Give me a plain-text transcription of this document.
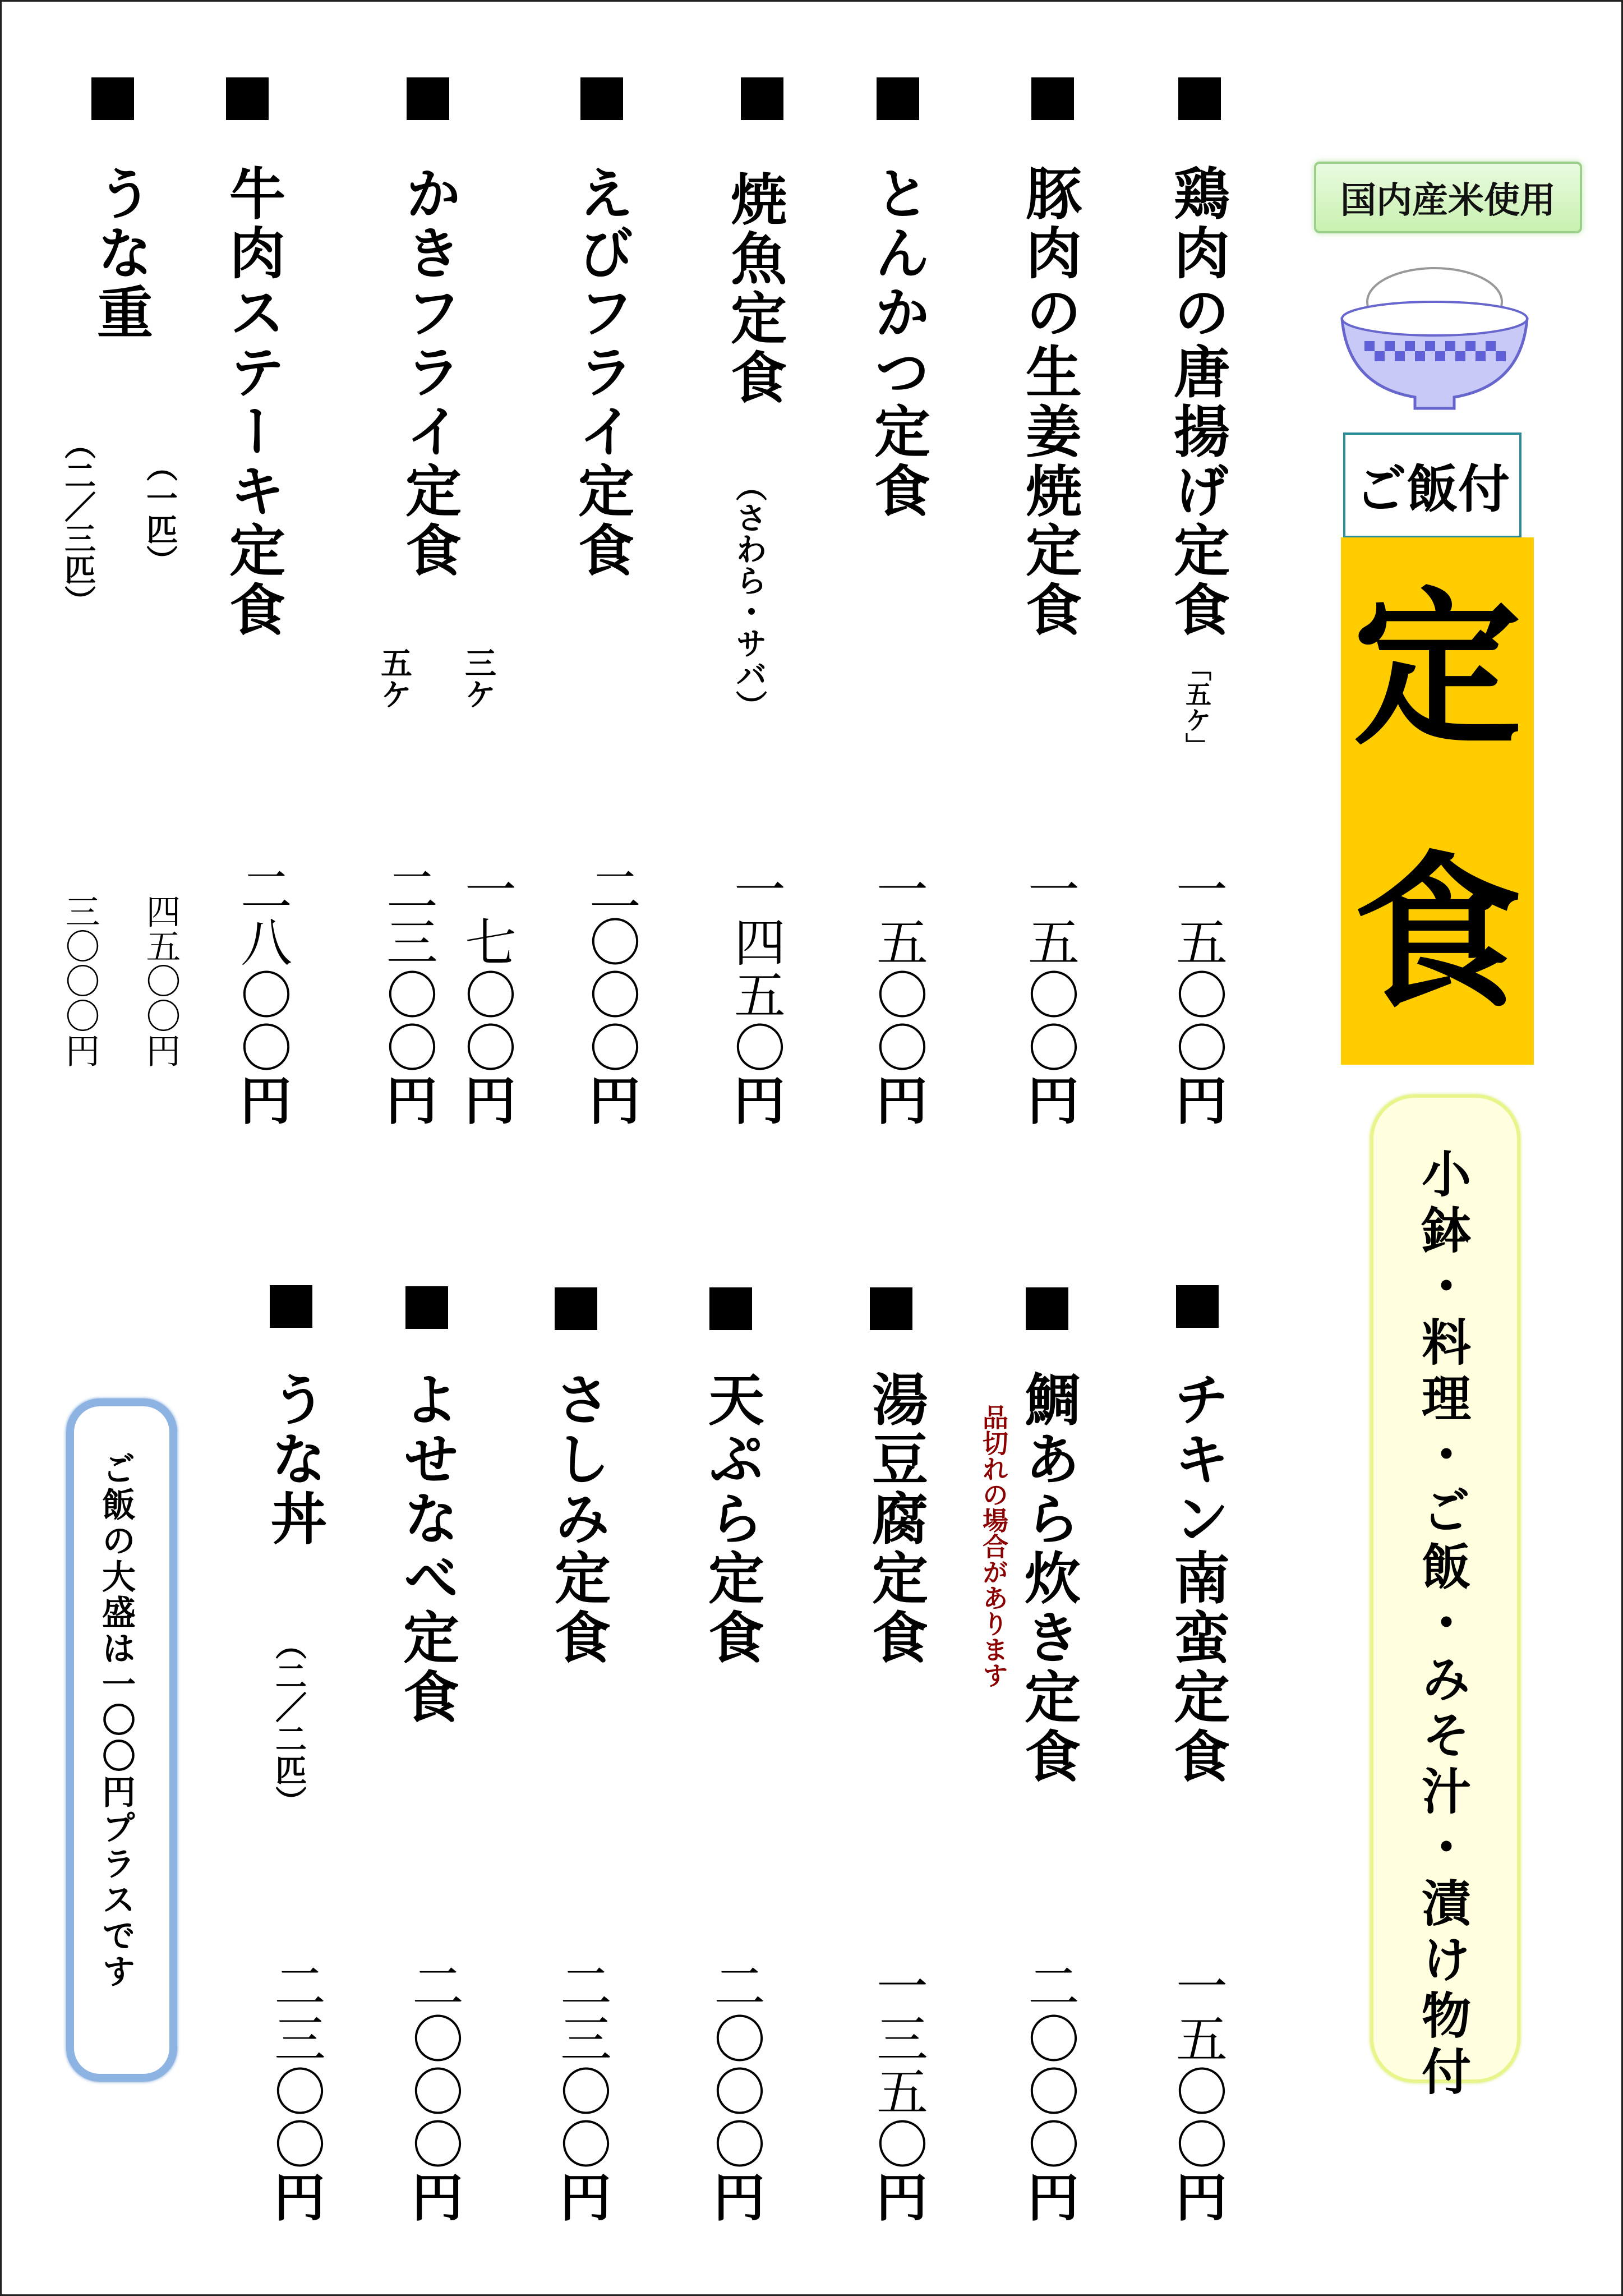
国内産米使用
ご飯付
定
食
小鉢・料理・ご飯・みそ汁・漬け物付
鶏肉の唐揚げ定食
「五ケ」
一五〇〇円
豚肉の生姜焼定食
一五〇〇円
とんかつ定食
一五〇〇円
焼魚定食
（さわら・サバ）
一四五〇円
えびフライ定食
二〇〇〇円
かきフライ定食
三ケ
五ケ
一七〇〇円
二三〇〇円
牛肉ステーキ定食
二八〇〇円
うな重
（一匹）
（二／三匹）
四五〇〇円
三〇〇〇円
チキン南蛮定食
一五〇〇円
鯛あら炊き定食
品切れの場合があります
二〇〇〇円
湯豆腐定食
一三五〇円
天ぷら定食
二〇〇〇円
さしみ定食
二三〇〇円
よせなべ定食
二〇〇〇円
うな丼
（二／二匹）
二三〇〇円
ご飯の大盛は一〇〇円プラスです
